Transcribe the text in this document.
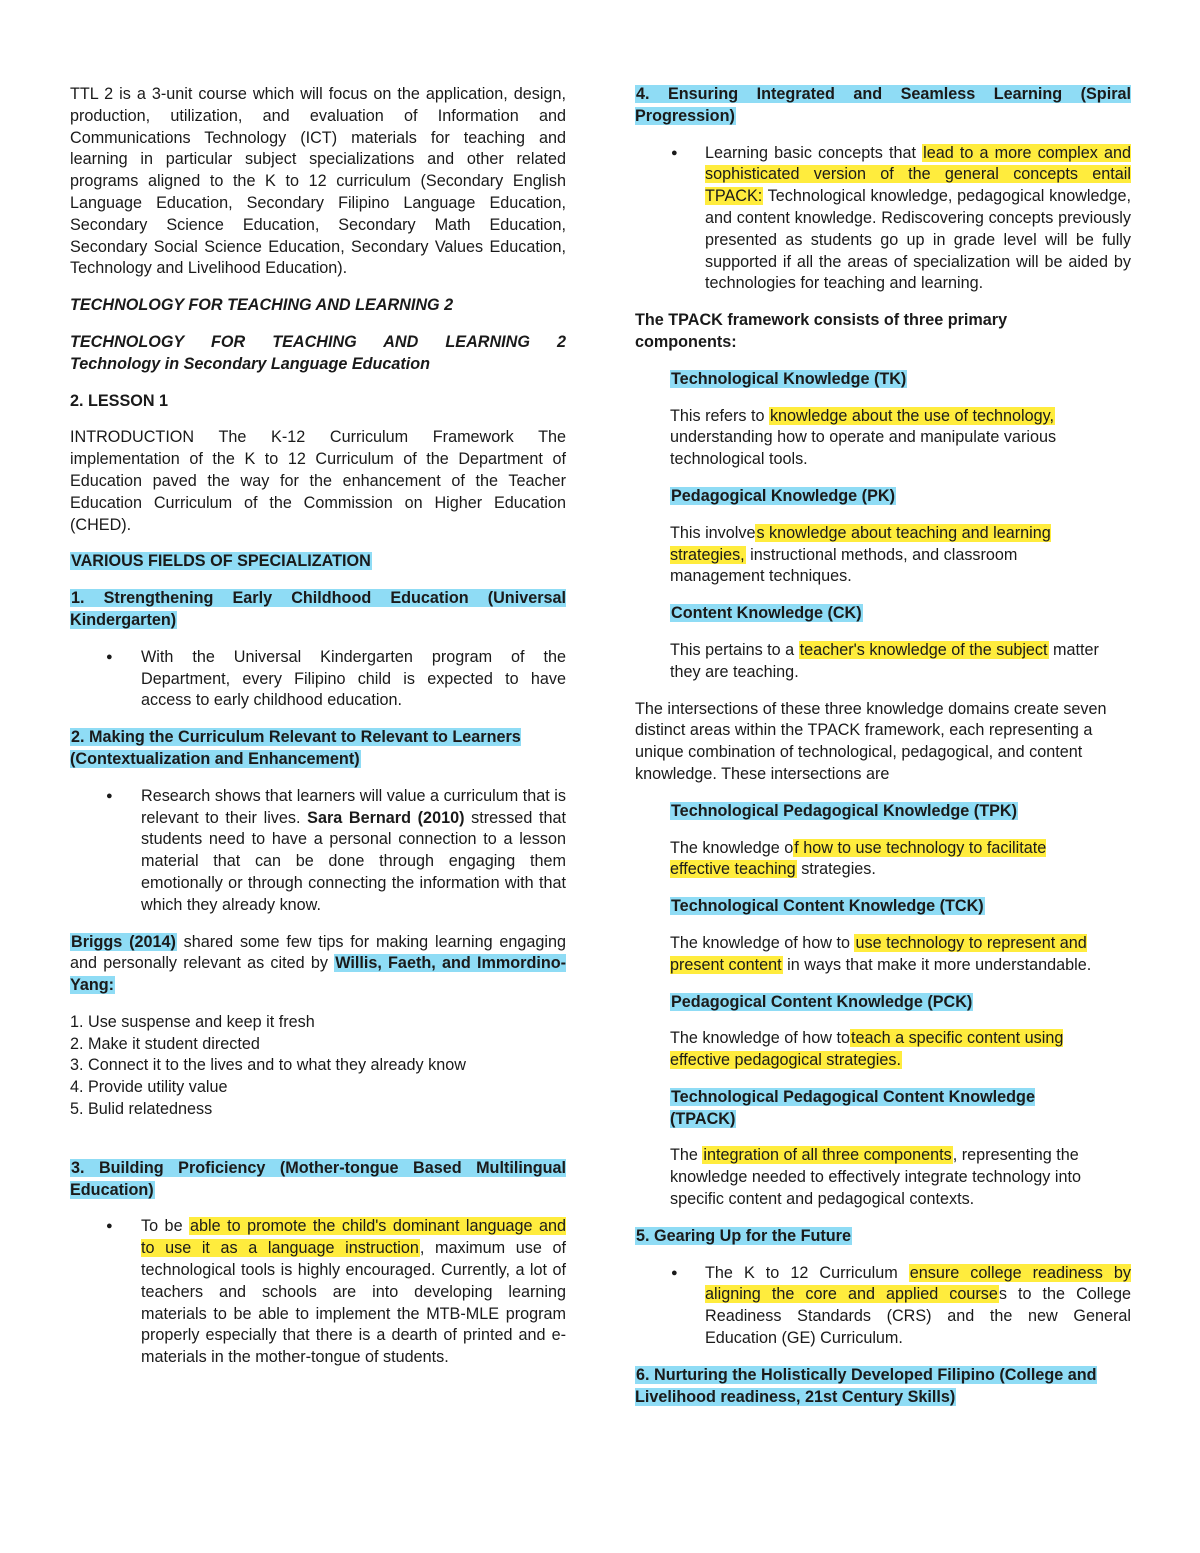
TTL 2 is a 3-unit course which will focus on the application, design, production, utilization, and evaluation of Information and Communications Technology (ICT) materials for teaching and learning in particular subject specializations and other related programs aligned to the K to 12 curriculum (Secondary English Language Education, Secondary Filipino Language Education, Secondary Science Education, Secondary Math Education, Secondary Social Science Education, Secondary Values Education, Technology and Livelihood Education).

TECHNOLOGY FOR TEACHING AND LEARNING 2

TECHNOLOGY FOR TEACHING AND LEARNING 2

Technology in Secondary Language Education

2. LESSON 1

INTRODUCTION The K-12 Curriculum Framework The implementation of the K to 12 Curriculum of the Department of Education paved the way for the enhancement of the Teacher Education Curriculum of the Commission on Higher Education (CHED).

VARIOUS FIELDS OF SPECIALIZATION

1. Strengthening Early Childhood Education (Universal Kindergarten)

● With the Universal Kindergarten program of the Department, every Filipino child is expected to have access to early childhood education.

2. Making the Curriculum Relevant to Relevant to Learners (Contextualization and Enhancement)

● Research shows that learners will value a curriculum that is relevant to their lives. Sara Bernard (2010) stressed that students need to have a personal connection to a lesson material that can be done through engaging them emotionally or through connecting the information with that which they already know.

Briggs (2014) shared some few tips for making learning engaging and personally relevant as cited by Willis, Faeth, and Immordino-Yang:

1. Use suspense and keep it fresh
2. Make it student directed
3. Connect it to the lives and to what they already know
4. Provide utility value
5. Bulid relatedness

3. Building Proficiency (Mother-tongue Based Multilingual Education)

● To be able to promote the child's dominant language and to use it as a language instruction, maximum use of technological tools is highly encouraged. Currently, a lot of teachers and schools are into developing learning materials to be able to implement the MTB-MLE program properly especially that there is a dearth of printed and e-materials in the mother-tongue of students.

4. Ensuring Integrated and Seamless Learning (Spiral Progression)

● Learning basic concepts that lead to a more complex and sophisticated version of the general concepts entail TPACK: Technological knowledge, pedagogical knowledge, and content knowledge. Rediscovering concepts previously presented as students go up in grade level will be fully supported if all the areas of specialization will be aided by technologies for teaching and learning.

The TPACK framework consists of three primary components:

Technological Knowledge (TK)

This refers to knowledge about the use of technology, understanding how to operate and manipulate various technological tools.

Pedagogical Knowledge (PK)

This involves knowledge about teaching and learning strategies, instructional methods, and classroom management techniques.

Content Knowledge (CK)

This pertains to a teacher's knowledge of the subject matter they are teaching.

The intersections of these three knowledge domains create seven distinct areas within the TPACK framework, each representing a unique combination of technological, pedagogical, and content knowledge. These intersections are

Technological Pedagogical Knowledge (TPK)

The knowledge of how to use technology to facilitate effective teaching strategies.

Technological Content Knowledge (TCK)

The knowledge of how to use technology to represent and present content in ways that make it more understandable.

Pedagogical Content Knowledge (PCK)

The knowledge of how toteach a specific content using effective pedagogical strategies.

Technological Pedagogical Content Knowledge (TPACK)

The integration of all three components, representing the knowledge needed to effectively integrate technology into specific content and pedagogical contexts.

5. Gearing Up for the Future

● The K to 12 Curriculum ensure college readiness by aligning the core and applied courses to the College Readiness Standards (CRS) and the new General Education (GE) Curriculum.

6. Nurturing the Holistically Developed Filipino (College and Livelihood readiness, 21st Century Skills)
